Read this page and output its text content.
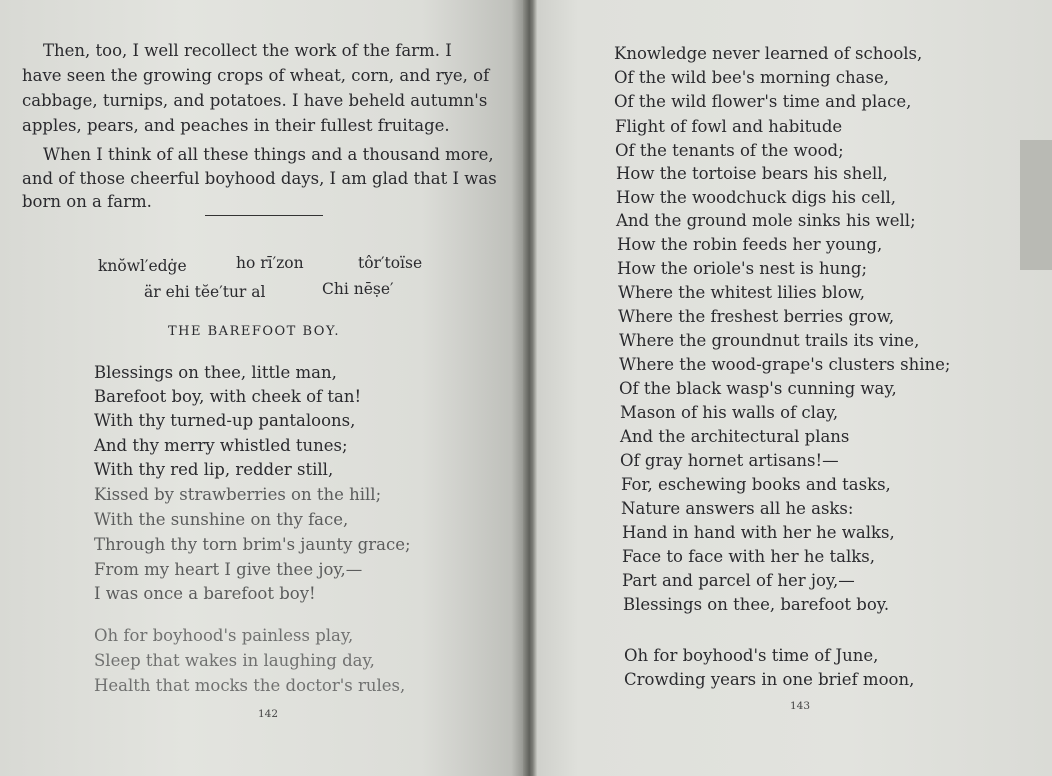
Then, too, I well recollect the work of the farm. I
have seen the growing crops of wheat, corn, and rye, of
cabbage, turnips, and potatoes. I have beheld autumn's
apples, pears, and peaches in their fullest fruitage.
When I think of all these things and a thousand more,
and of those cheerful boyhood days, I am glad that I was
born on a farm.
knŏwl′edġe	ho rī′zon	tôr′toïse
är ehi tĕe′tur al	Chi nēṣe′
THE BAREFOOT BOY.
Blessings on thee, little man,
Barefoot boy, with cheek of tan!
With thy turned-up pantaloons,
And thy merry whistled tunes;
With thy red lip, redder still,
Kissed by strawberries on the hill;
With the sunshine on thy face,
Through thy torn brim's jaunty grace;
From my heart I give thee joy,—
I was once a barefoot boy!
Oh for boyhood's painless play,
Sleep that wakes in laughing day,
Health that mocks the doctor's rules,
142
Knowledge never learned of schools,
Of the wild bee's morning chase,
Of the wild flower's time and place,
Flight of fowl and habitude
Of the tenants of the wood;
How the tortoise bears his shell,
How the woodchuck digs his cell,
And the ground mole sinks his well;
How the robin feeds her young,
How the oriole's nest is hung;
Where the whitest lilies blow,
Where the freshest berries grow,
Where the groundnut trails its vine,
Where the wood-grape's clusters shine;
Of the black wasp's cunning way,
Mason of his walls of clay,
And the architectural plans
Of gray hornet artisans!—
For, eschewing books and tasks,
Nature answers all he asks:
Hand in hand with her he walks,
Face to face with her he talks,
Part and parcel of her joy,—
Blessings on thee, barefoot boy.
Oh for boyhood's time of June,
Crowding years in one brief moon,
143
